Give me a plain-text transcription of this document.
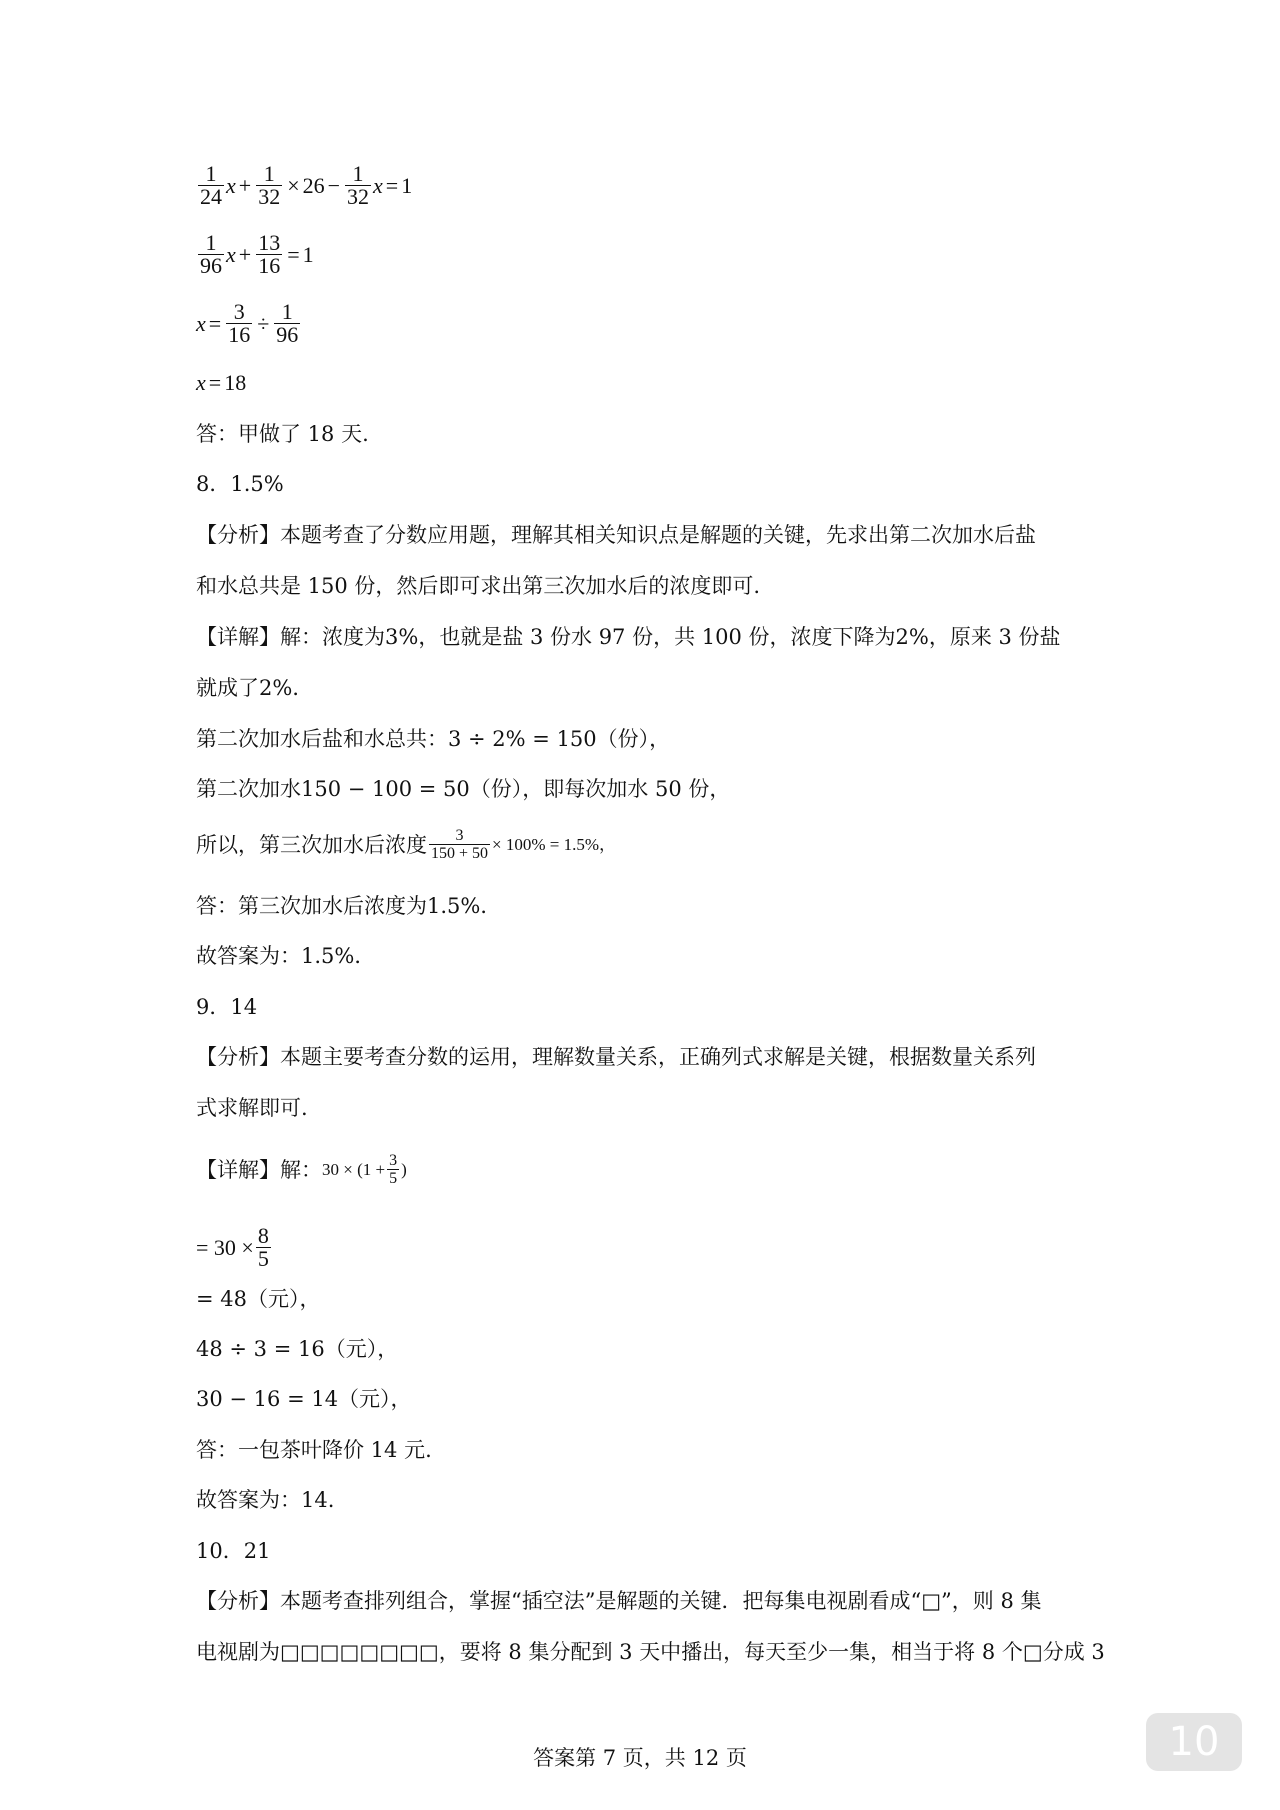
$\frac{1}{24}$ $x + \frac{1}{32} \times 26 - \frac{1}{32}$ x = 1
$\frac{1}{96}$ $x + \frac{13}{16} = 1$
$x = \frac{3}{16} \div \frac{1}{96}$
x = 18
答：甲做了 18 天.
8．1.5%
【分析】本题考查了分数应用题，理解其相关知识点是解题的关键，先求出第二次加水后盐
和水总共是 150 份，然后即可求出第三次加水后的浓度即可.
【详解】解：浓度为3%，也就是盐 3 份水 97 份，共 100 份，浓度下降为2%，原来 3 份盐
就成了2%．
第二次加水后盐和水总共：3 ÷ 2% = 150（份），
第二次加水150 − 100 = 50（份），即每次加水 50 份，
所以，第三次加水后浓度 $\frac{3}{150 + 50} \times 100\% = 1.5\%$，
答：第三次加水后浓度为1.5%．
故答案为：1.5%．
9．14
【分析】本题主要考查分数的运用，理解数量关系，正确列式求解是关键，根据数量关系列
式求解即可.
【详解】解： $30 \times (1 + \frac{3}{5}$ )
= $30 \times \frac{8}{5}$
= 48（元），
48 ÷ 3 = 16（元），
30 − 16 = 14（元），
答：一包茶叶降价 14 元.
故答案为：14.
10．21
【分析】本题考查排列组合，掌握“插空法”是解题的关键．把每集电视剧看成“□”，则 8 集
电视剧为□□□□□□□□，要将 8 集分配到 3 天中播出，每天至少一集，相当于将 8 个□分成 3
答案第 7 页，共 12 页	10
